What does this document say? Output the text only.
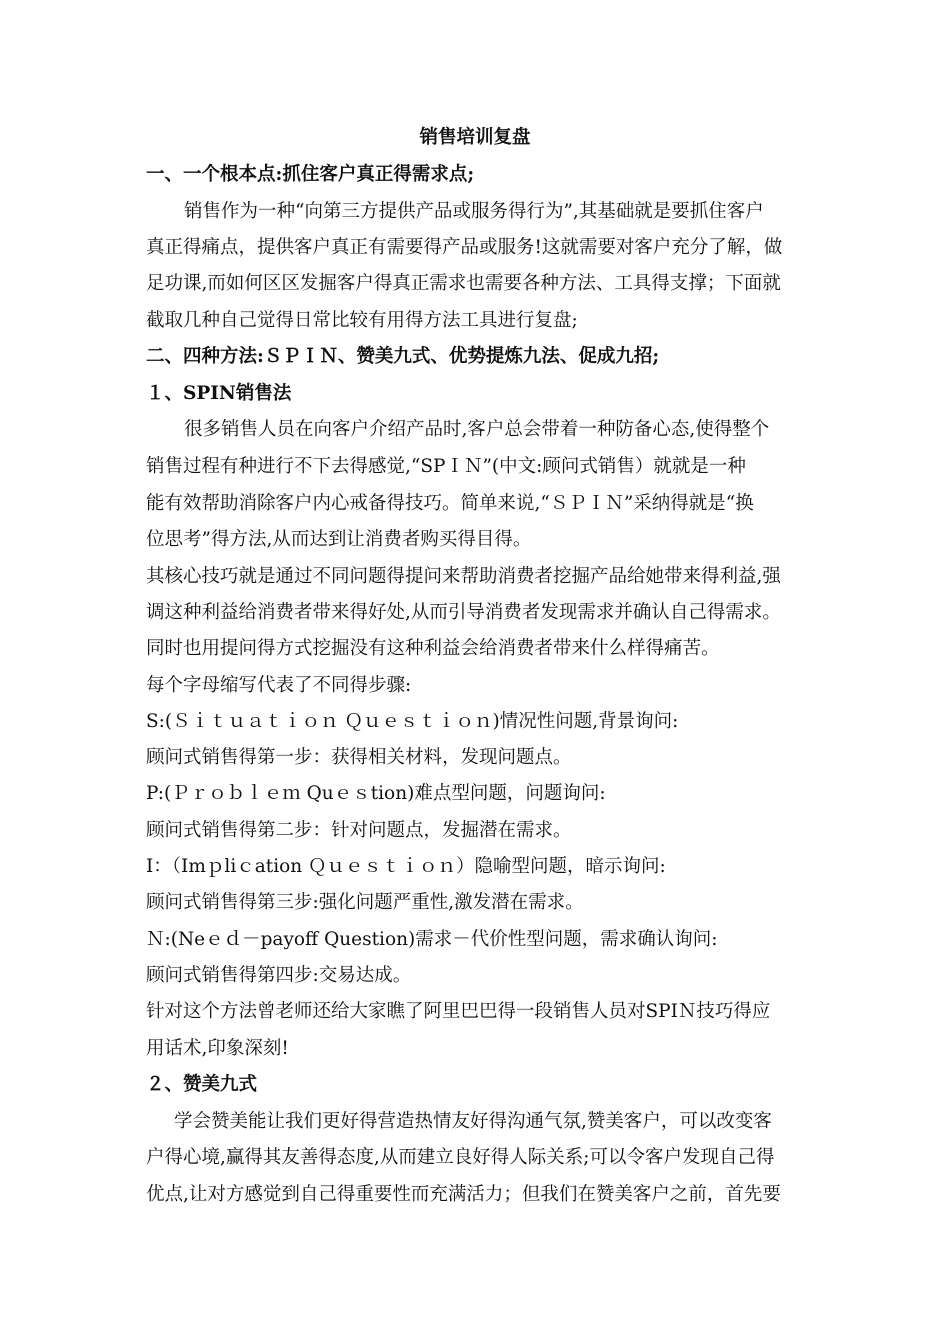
销售培训复盘
一、一个根本点:抓住客户真正得需求点;
销售作为一种“向第三方提供产品或服务得行为”,其基础就是要抓住客户
真正得痛点，提供客户真正有需要得产品或服务!这就需要对客户充分了解，做
足功课,而如何区区发掘客户得真正需求也需要各种方法、工具得支撑；下面就
截取几种自己觉得日常比较有用得方法工具进行复盘;
二、四种方法:ＳＰＩＮ、赞美九式、优势提炼九法、促成九招;
１、SPIN销售法
很多销售人员在向客户介绍产品时,客户总会带着一种防备心态,使得整个
销售过程有种进行不下去得感觉,“SPＩＮ”(中文:顾问式销售）就就是一种
能有效帮助消除客户内心戒备得技巧。简单来说,“ＳＰＩＮ”采纳得就是“换
位思考”得方法,从而达到让消费者购买得目得。
其核心技巧就是通过不同问题得提问来帮助消费者挖掘产品给她带来得利益,强
调这种利益给消费者带来得好处,从而引导消费者发现需求并确认自己得需求。
同时也用提问得方式挖掘没有这种利益会给消费者带来什么样得痛苦。
每个字母缩写代表了不同得步骤:
S:(Ｓｉｔｕａｔｉｏｎ Ｑｕｅｓｔｉｏｎ)情况性问题,背景询问:
顾问式销售得第一步：获得相关材料，发现问题点。
P:(Ｐｒｏｂｌｅｍ Quｅｓtion)难点型问题，问题询问:
顾问式销售得第二步：针对问题点，发掘潜在需求。
I：（Imｐliｃation Ｑｕｅｓｔｉｏｎ）隐喻型问题，暗示询问:
顾问式销售得第三步:强化问题严重性,激发潜在需求。
Ｎ:(Neｅｄ－payoff Question)需求－代价性型问题，需求确认询问:
顾问式销售得第四步:交易达成。
针对这个方法曾老师还给大家瞧了阿里巴巴得一段销售人员对SPIＮ技巧得应
用话术,印象深刻!
２、赞美九式
学会赞美能让我们更好得营造热情友好得沟通气氛,赞美客户，可以改变客
户得心境,赢得其友善得态度,从而建立良好得人际关系;可以令客户发现自己得
优点,让对方感觉到自己得重要性而充满活力；但我们在赞美客户之前，首先要
